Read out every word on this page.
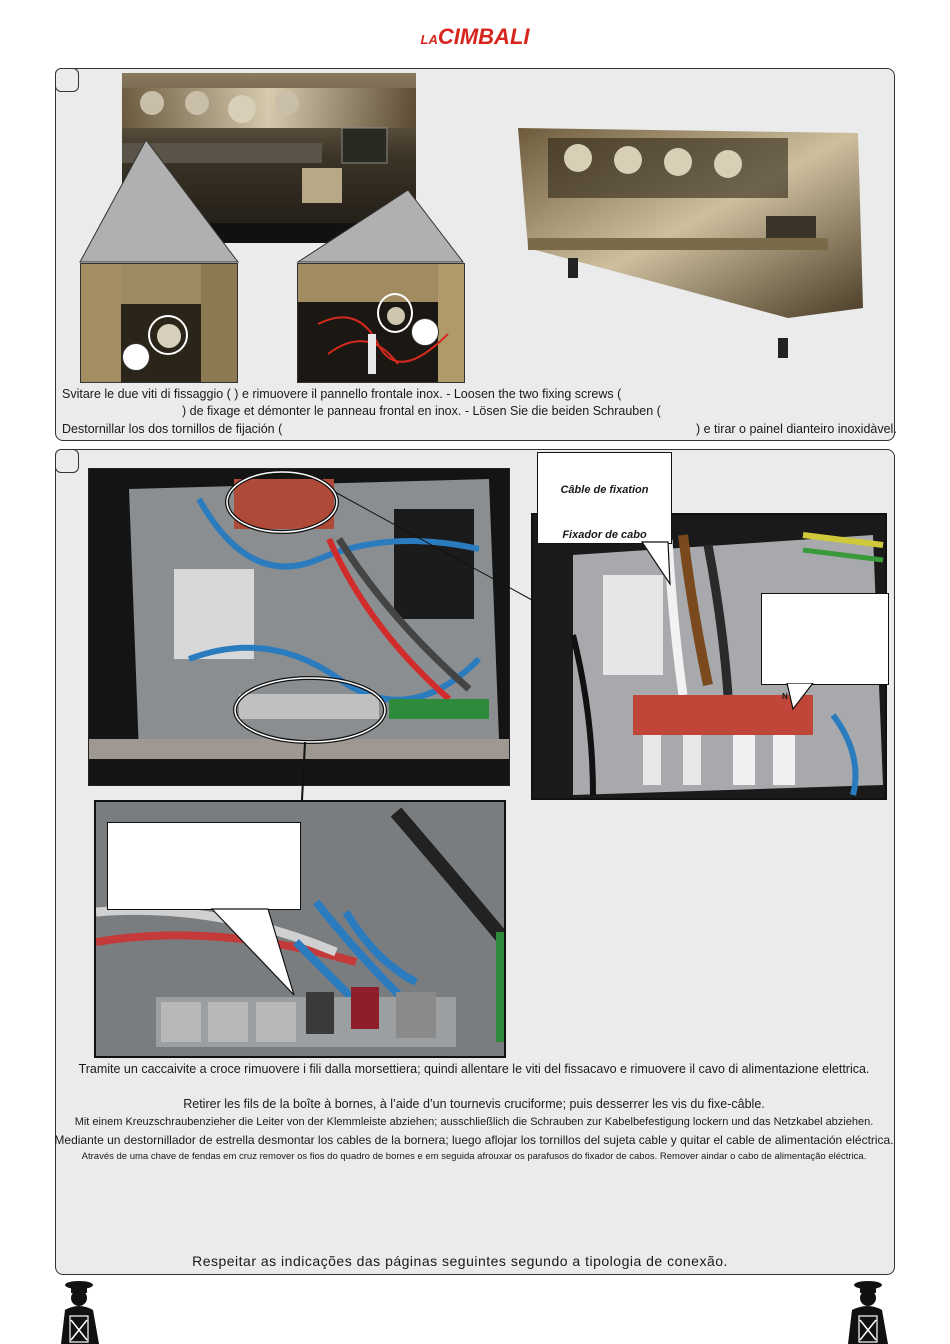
LACIMBALI
Svitare le due viti di fissaggio ( ) e rimuovere il pannello frontale inox. - Loosen the two fixing screws (
) de fixage et démonter le panneau frontal en inox. - Lösen Sie die beiden Schrauben (
Destornillar los dos tornillos de fijación (	) e tirar o painel dianteiro inoxidàvel.
Câble de fixation
Fixador de cabo
N
Tramite un caccaivite a croce rimuovere i fili dalla morsettiera; quindi allentare le viti del fissacavo e rimuovere il cavo di alimentazione elettrica.
Retirer les fils de la boîte à bornes, à l’aide d’un tournevis cruciforme; puis desserrer les vis du fixe-câble.
Mit einem Kreuzschraubenzieher die Leiter von der Klemmleiste abziehen; ausschließlich die Schrauben zur Kabelbefestigung lockern und das Netzkabel abziehen.
Mediante un destornillador de estrella desmontar los cables de la bornera; luego aflojar los tornillos del sujeta cable y quitar el cable de alimentación eléctrica.
Através de uma chave de fendas em cruz remover os fios do quadro de bornes e em seguida afrouxar os parafusos do fixador de cabos. Remover aindar o cabo de alimentação eléctrica.
Respeitar as indicações das páginas seguintes segundo a tipologia de conexão.
